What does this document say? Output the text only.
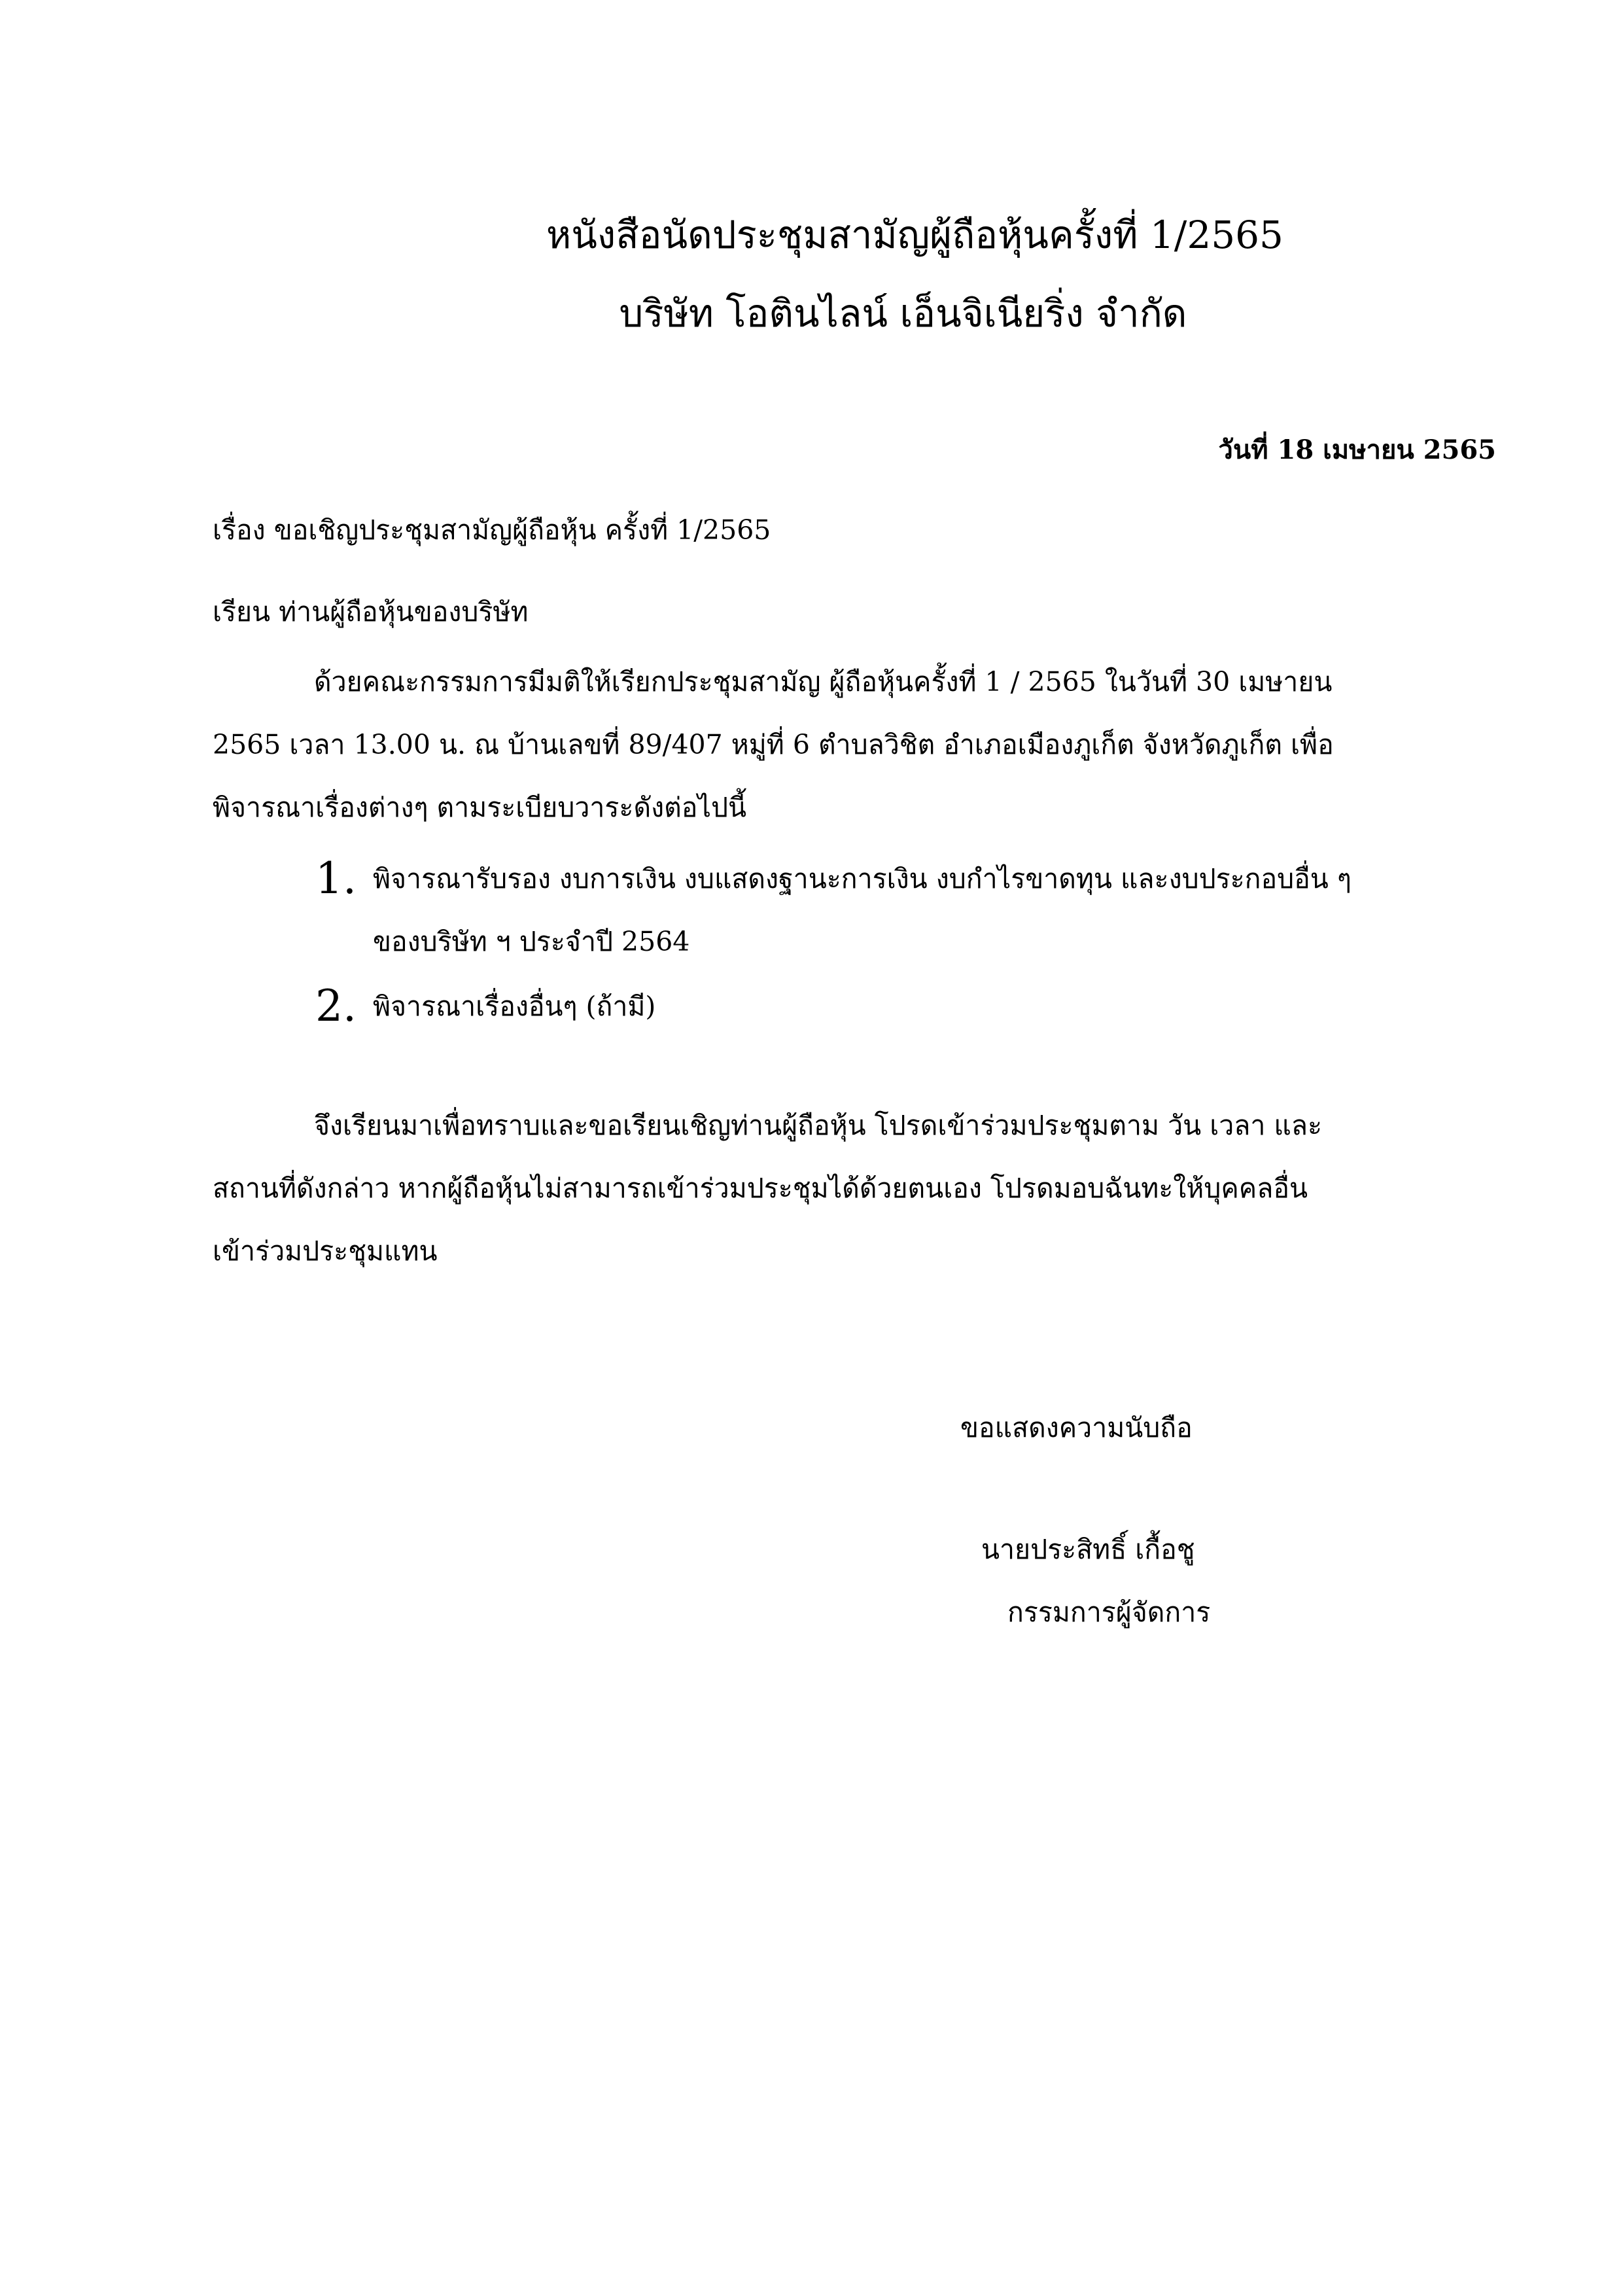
หนังสือนัดประชุมสามัญผู้ถือหุ้นครั้งที่ 1/2565
บริษัท โอตินไลน์ เอ็นจิเนียริ่ง จำกัด
วันที่ 18 เมษายน 2565
เรื่อง ขอเชิญประชุมสามัญผู้ถือหุ้น ครั้งที่ 1/2565
เรียน ท่านผู้ถือหุ้นของบริษัท
ด้วยคณะกรรมการมีมติให้เรียกประชุมสามัญ ผู้ถือหุ้นครั้งที่ 1 / 2565 ในวันที่ 30 เมษายน
2565 เวลา 13.00 น. ณ บ้านเลขที่ 89/407 หมู่ที่ 6 ตำบลวิชิต อำเภอเมืองภูเก็ต จังหวัดภูเก็ต เพื่อ
พิจารณาเรื่องต่างๆ ตามระเบียบวาระดังต่อไปนี้
1. พิจารณารับรอง งบการเงิน งบแสดงฐานะการเงิน งบกำไรขาดทุน และงบประกอบอื่น ๆ
ของบริษัท ฯ ประจำปี 2564
2. พิจารณาเรื่องอื่นๆ (ถ้ามี)
จึงเรียนมาเพื่อทราบและขอเรียนเชิญท่านผู้ถือหุ้น โปรดเข้าร่วมประชุมตาม วัน เวลา และ
สถานที่ดังกล่าว หากผู้ถือหุ้นไม่สามารถเข้าร่วมประชุมได้ด้วยตนเอง โปรดมอบฉันทะให้บุคคลอื่น
เข้าร่วมประชุมแทน
ขอแสดงความนับถือ
นายประสิทธิ์ เกื้อชู
กรรมการผู้จัดการ
